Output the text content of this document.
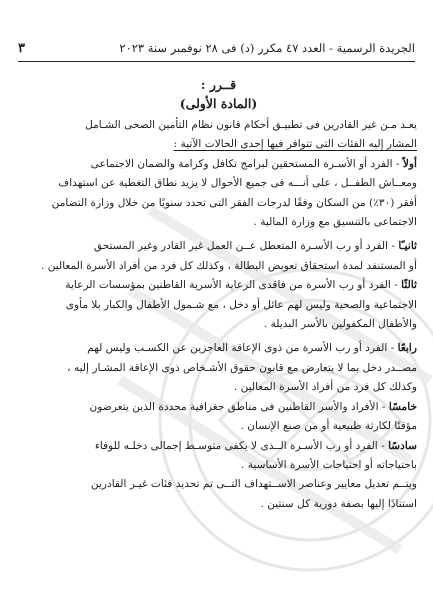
الجريدة الرسمية - العدد ٤٧ مكرر (د) فى ٢٨ نوفمبر سنة ٢٠٢٣
٣
قــرر :
(المادة الأولى)

يعـد مـن غير القادرين فى تطبيـق أحكام قانون نظام التأمين الصحى الشـامل

المشار إليه الفئات التى تتوافر فيها إحدى الحالات الآتية :

أولاً - الفرد أو الأسـرة المستحقين لبرامج تكافل وكرامة والضمان الاجتماعى

ومعــاش الطفــل ، على أنـــه فى جميع الأحوال لا يزيد نطاق التغطية عن استهداف

أفقر (٣٠٪) من السكان وفقًا لدرجات الفقر التى تحدد سنويًا من خلال وزارة التضامن

الاجتماعى بالتنسيق مع وزارة المالية .

ثانيـًا - الفرد أو رب الأسـرة المتعطل عــن العمل غير القادر وغير المستحق

أو المستنفد لمدة استحقاق تعويض البطالة ، وكذلك كل فرد من أفراد الأسرة المعالين .

ثالثًا - الفرد أو رب الأسرة من فاقدى الرعاية الأسرية القاطنين بمؤسسات الرعاية

الاجتماعية والصحية وليس لهم عائل أو دخل ، مع شـمول الأطفال والكبار بلا مأوى

والأطفال المكفولين بالأسر البديلة .

رابعًا - الفرد أو رب الأسرة من ذوى الإعاقة العاجزين عن الكسـب وليس لهم

مصــدر دخل بما لا يتعارض مع قانون حقوق الأشـخاص ذوى الإعاقة المشـار إليه ،

وكذلك كل فرد من أفراد الأسرة المعالين .

خامسًا - الأفراد والأسر القاطنين فى مناطق جغرافية محددة الذين يتعرضون

مؤقتًا لكارثة طبيعية أو من صنع الإنسان .

سادسًا - الفرد أو رب الأسـرة الــذى لا يكفى متوسـط إجمالى دخلـه للوفاء

باحتياجاته أو احتياجات الأسرة الأساسية .

ويتــم تعديل معايير وعناصر الاســتهداف التــى تم تحديد فئات غيـر القادرين

استنادًا إليها بصفة دورية كل سنتين .
